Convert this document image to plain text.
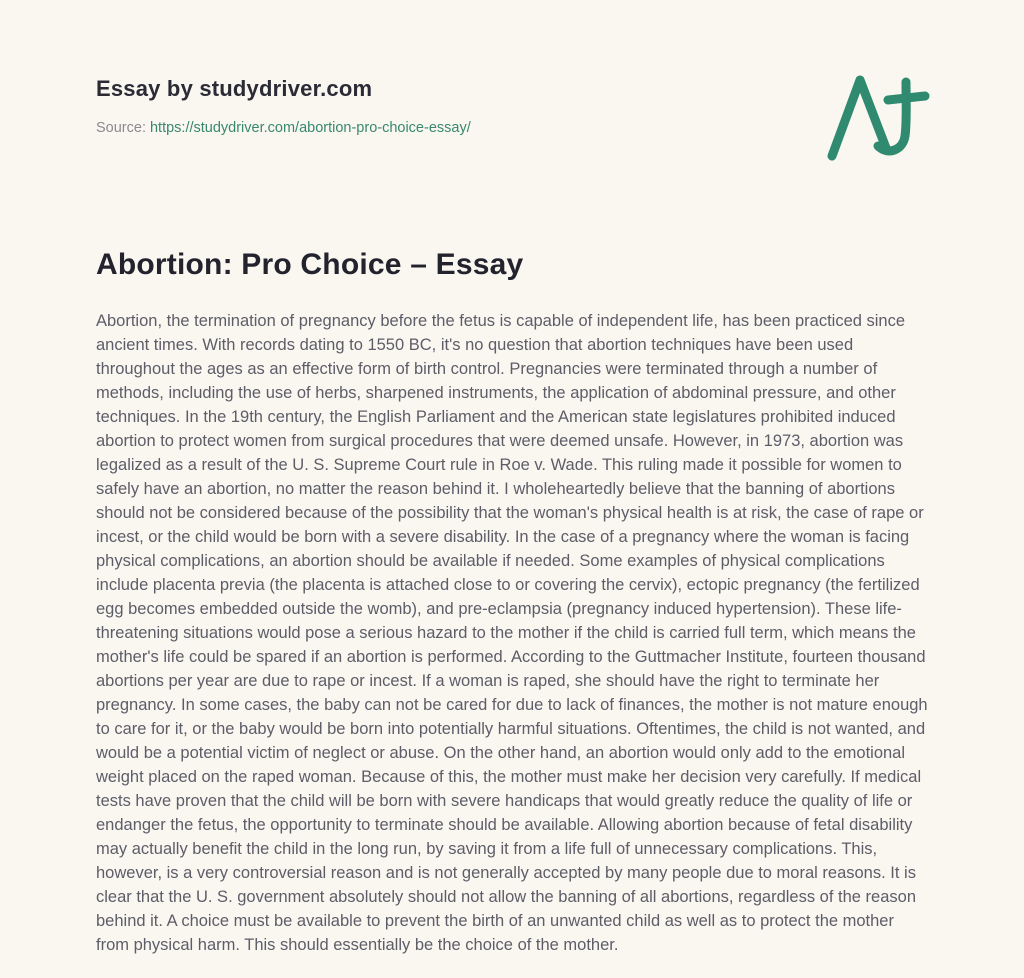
Essay by studydriver.com
Source: https://studydriver.com/abortion-pro-choice-essay/
Abortion: Pro Choice – Essay
Abortion, the termination of pregnancy before the fetus is capable of independent life, has been practiced since ancient times. With records dating to 1550 BC, it's no question that abortion techniques have been used throughout the ages as an effective form of birth control. Pregnancies were terminated through a number of methods, including the use of herbs, sharpened instruments, the application of abdominal pressure, and other techniques. In the 19th century, the English Parliament and the American state legislatures prohibited induced abortion to protect women from surgical procedures that were deemed unsafe. However, in 1973, abortion was legalized as a result of the U. S. Supreme Court rule in Roe v. Wade. This ruling made it possible for women to safely have an abortion, no matter the reason behind it. I wholeheartedly believe that the banning of abortions should not be considered because of the possibility that the woman's physical health is at risk, the case of rape or incest, or the child would be born with a severe disability. In the case of a pregnancy where the woman is facing physical complications, an abortion should be available if needed. Some examples of physical complications include placenta previa (the placenta is attached close to or covering the cervix), ectopic pregnancy (the fertilized egg becomes embedded outside the womb), and pre-eclampsia (pregnancy induced hypertension). These life-threatening situations would pose a serious hazard to the mother if the child is carried full term, which means the mother's life could be spared if an abortion is performed. According to the Guttmacher Institute, fourteen thousand abortions per year are due to rape or incest. If a woman is raped, she should have the right to terminate her pregnancy. In some cases, the baby can not be cared for due to lack of finances, the mother is not mature enough to care for it, or the baby would be born into potentially harmful situations. Oftentimes, the child is not wanted, and would be a potential victim of neglect or abuse. On the other hand, an abortion would only add to the emotional weight placed on the raped woman. Because of this, the mother must make her decision very carefully. If medical tests have proven that the child will be born with severe handicaps that would greatly reduce the quality of life or endanger the fetus, the opportunity to terminate should be available. Allowing abortion because of fetal disability may actually benefit the child in the long run, by saving it from a life full of unnecessary complications. This, however, is a very controversial reason and is not generally accepted by many people due to moral reasons. It is clear that the U. S. government absolutely should not allow the banning of all abortions, regardless of the reason behind it. A choice must be available to prevent the birth of an unwanted child as well as to protect the mother from physical harm. This should essentially be the choice of the mother.
